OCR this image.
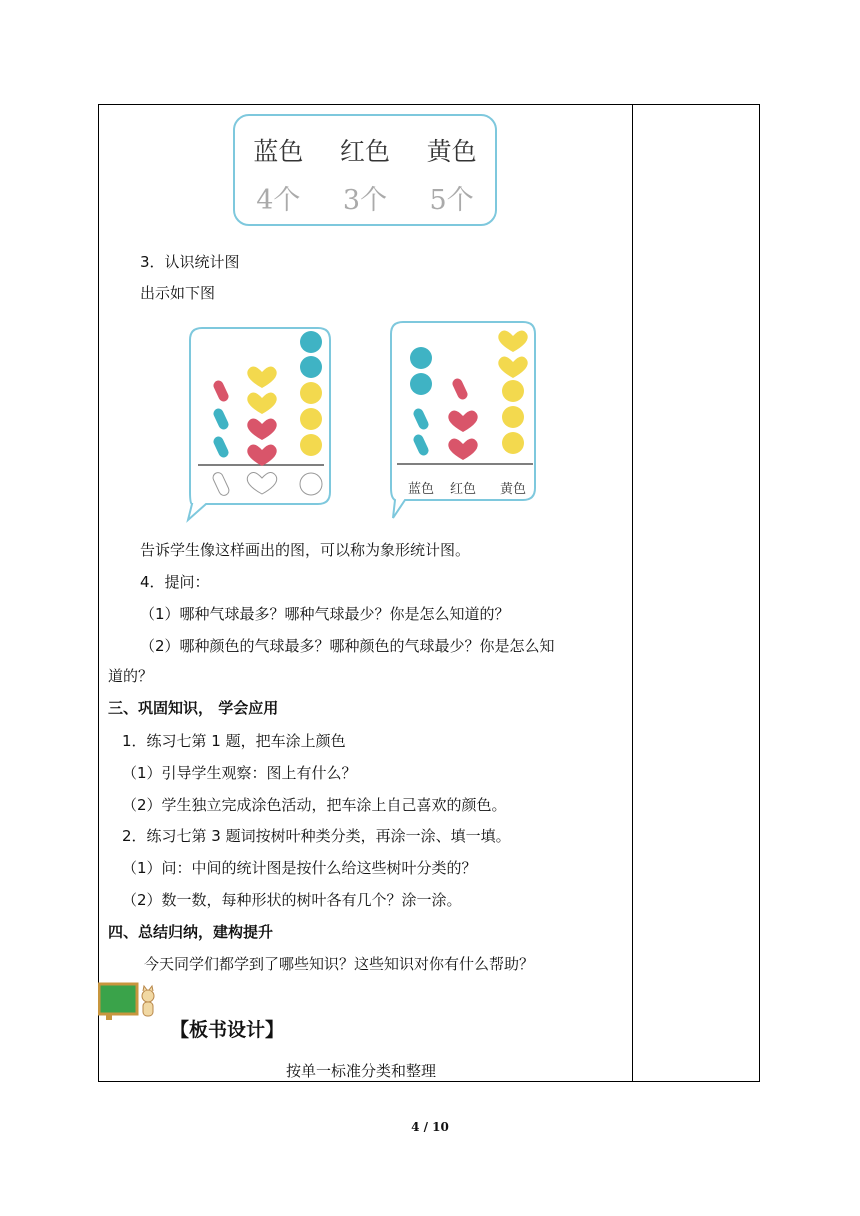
蓝色 红色 黄色
4个 3个 5个
3．认识统计图
出示如下图
蓝色 红色 黄色
告诉学生像这样画出的图，可以称为象形统计图。
4．提问：
（1）哪种气球最多？哪种气球最少？你是怎么知道的？
（2）哪种颜色的气球最多？哪种颜色的气球最少？你是怎么知
道的？
三、巩固知识， 学会应用
1．练习七第 1 题，把车涂上颜色
（1）引导学生观察：图上有什么？
（2）学生独立完成涂色活动，把车涂上自己喜欢的颜色。
2．练习七第 3 题词按树叶种类分类，再涂一涂、填一填。
（1）问：中间的统计图是按什么给这些树叶分类的？
（2）数一数，每种形状的树叶各有几个？涂一涂。
四、总结归纳，建构提升
今天同学们都学到了哪些知识？这些知识对你有什么帮助？
【板书设计】
按单一标准分类和整理
4 / 10
